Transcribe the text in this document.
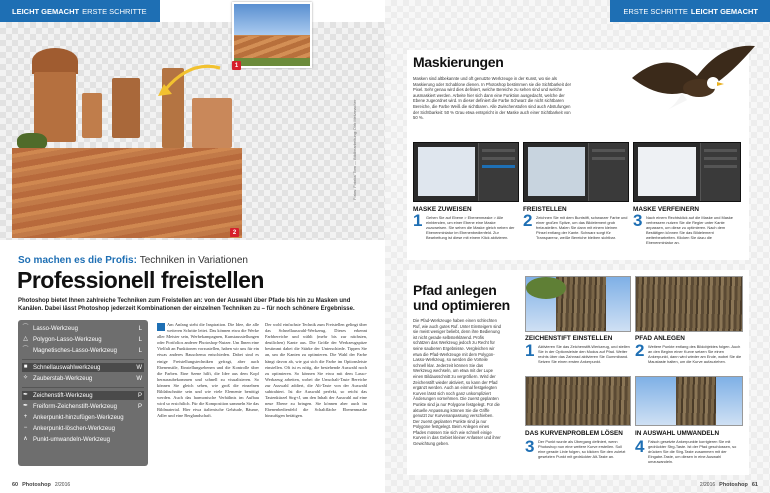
LEICHT GEMACHT ERSTE SCHRITTE
1
2
Fotos: Fotolia/ Tom — Bildbearbeitung: Dirk Metzmacher
So machen es die Profis: Techniken in Variationen
Professionell freistellen
Photoshop bietet Ihnen zahlreiche Techniken zum Freistellen an: von der Auswahl über Pfade bis hin zu Masken und Kanälen. Dabei lässt Photoshop jederzeit Kombinationen der einzelnen Techniken zu – für noch schönere Ergebnisse.
⌒ Lasso-Werkzeug	L
△ Polygon-Lasso-Werkzeug	L
⌒ Magnetisches-Lasso-Werkzeug	L
■ Schnellauswahlwerkzeug	W
✧ Zauberstab-Werkzeug	W
✒ Zeichenstift-Werkzeug	P
✒ Freiform-Zeichenstift-Werkzeug	P
+ Ankerpunkt-hinzufügen-Werkzeug
− Ankerpunkt-löschen-Werkzeug
∧ Punkt-umwandeln-Werkzeug
Am Anfang steht die Inspiration. Die Idee, die alle weiteren Schritte leitet. Das können etwa die Werke aller Meister sein, Werbekampagnen, Kunstausstellungen oder Portfolios anderer Photoshop-Nutzer. Um Ihnen eine Vielfalt an Funktionen vorzustellen, haben wir uns für ein etwas anderes Bauschema entschieden. Dabei sind es einige Freistellungstechniken gefragt, aber auch Ebenenstile, Einstellungsebenen und die Kontrolle über die Farben. Eine Szene hilft, die Idee aus dem Kopf herauszubekommen und schnell zu visualisieren. So können Sie gleich sehen, wie groß die einzelnen Bildabschnitte sein und wie viele Elemente benötigt werden. Auch das harmonische Verhältnis im Aufbau wird so ersichtlich. Für die Komposition sammeln Sie das Bildmaterial. Hier etwa italienische Gebäude, Bäume, Adler und eine Berglandschaft.
Der wohl einfachste Technik zum Freistellen gelingt über das Schnellauswahl-Werkzeug. Dieses erkennt Farbbereiche und wählt (mehr bis zur nächsten, deutlichen) Kante aus. Die Größe der Werkzeugspitze bestimmt dabei die Stärke der Unterschiede. Tippen Sie an, um die Kanten zu optimieren. Die Wahl der Farbe hängt davon ab, wie gut sich die Farbe im Optionsleiste einstellen. Oft ist es nötig, die bestehende Auswahl noch zu optimieren. So können Sie etwa mit dem Lasso-Werkzeug arbeiten, wobei die Umschalt-Taste Bereiche zur Auswahl addiert, die Alt-Taste von der Auswahl subtrahiert. Ist die Auswahl perfekt, so reicht das Tastenkürzel Strg+J, um den Inhalt der Auswahl auf eine neue Ebene zu bringen. Sie können aber auch im Ebenenbedienfeld die Schaltfläche Ebenenmaske hinzufügen betätigen.
60 Photoshop 2/2016
ERSTE SCHRITTE LEICHT GEMACHT
Maskierungen
Masken sind altbekannte und oft genutzte Werkzeuge in der Kunst, wo sie als Maskierung oder Schablone dienen. In Photoshop bestimmen sie die Sichtbarkeit der Pixel. Sehr genau wird dies definiert, welche Bereiche zu sehen sind und welche ausmaskiert werden. Arbeite hier sich dann eine Funktion ausgedacht, welche der Ebene zugeordnet wird. In dieser definiert die Farbe Schwarz die nicht sichtbaren Bereiche, die Farbe Weiß die sichtbaren. Alle Zwischenstufen sind auch Abstufungen der Sichtbarkeit: 50 % Grau etwa entspricht in der Maske auch einer Sichtbarkeit von 50 %.
1
MASKE ZUWEISEN
Gehen Sie auf Ebene > Ebenenmaske > Alle einblenden, um einer Ebene eine Maske zuzuweisen. Sie sehen die Maske gleich neben der Ebenenminiatur im Ebenenbedienfeld. Zur Bearbeitung ist diese mit einem Klick aktivieren.
2
FREISTELLEN
Zeichnen Sie mit dem Buntstift, schwarzer Farbe und einer großen Spitze, um das Bildelement grob freizustellen. Malen Sie dann mit einem kleinen Pinsel entlang der Kante. Schwarz sorgt für Transparenz, weiße Bereiche bleiben sichtbar.
3
MASKE VERFEINERN
Nach einem Rechtsklick auf die Maske und Maske verbessern nutzen Sie die Regler unter Kante anpassen, um diese zu optimieren. Nach dem Bestätigen können Sie das Bildelement weiterbearbeiten. Klicken Sie dazu die Ebenenminiatur an.
Pfad anlegen
und optimieren
Die Pfad-Werkzeuge haben einen schlechten Ruf, wie auch gutes Ruf. Unter Einsteigern sind sie meist weniger beliebt, denn ihre Bedienung ist nicht gerade selbsterklärend. Profis schätzen das Werkzeug jedoch zu Recht für seine sauberen Ergebnisse. Vergleichen wir etwa die Pfad-Werkzeuge mit dem Polygon-Lasso-Werkzeug, so werden die Vorteile schnell klar. Jederzeit können Sie das Werkzeug wechseln, um etwa mit der Lupe einen Bildausschnitt zu vergrößern. Wird der Zeichenstift wieder aktiviert, so kann der Pfad ergänzt werden. Auch an einmal festgelegten Kurven lässt sich noch ganz unkompliziert Änderungen vornehmen. Die zuerst geplanten Punkte sind ja nur Polygone festgelegt. Für die aktuelle Anpassung können Sie die Griffe genutzt zur Kurvenanpassung verschieben. Der zuerst geplanten Punkte sind ja nur Polygone festgelegt. Beim Anlegen eines Pfades müssen Sie sich wie schnell einige Kurven in das Gebiet kleiner Anfasser und ihrer Gewichtung geben.
1
ZEICHENSTIFT EINSTELLEN
Aktivieren Sie das Zeichenstift-Werkzeug, und stellen Sie in der Optionsleiste den Modus auf Pfad. Weiter rechts über das Zahnrad aktivieren Sie Gummiband. Setzen Sie einen ersten Ankerpunkt.
2
PFAD ANLEGEN
Weitere Punkte entlang des Bildobjektes folgen. Auch an den Beginn einer Kurve setzen Sie einen Ankerpunkt, dann wird wieder am Ende, wobei Sie die Maustaste halten, um die Kurve aufzuziehen.
3
DAS KURVENPROBLEM LÖSEN
Der Punkt wurde als Übergang definiert, wenn Photoshop nun eine weitere Kurve erstellen. Soll eine gerade Linie folgen, so klicken Sie den zuletzt gesetzten Punkt mit gedrückter Alt-Taste an.
4
IN AUSWAHL UMWANDELN
Falsch gesetzte Ankerpunkte korrigieren Sie mit gedrückter Strg-Taste. Ist der Pfad geschlossen, so drücken Sie die Strg-Taste zusammen mit der Eingabe-Taste, um diesen in eine Auswahl umzuwandeln.
2/2016 Photoshop 61
